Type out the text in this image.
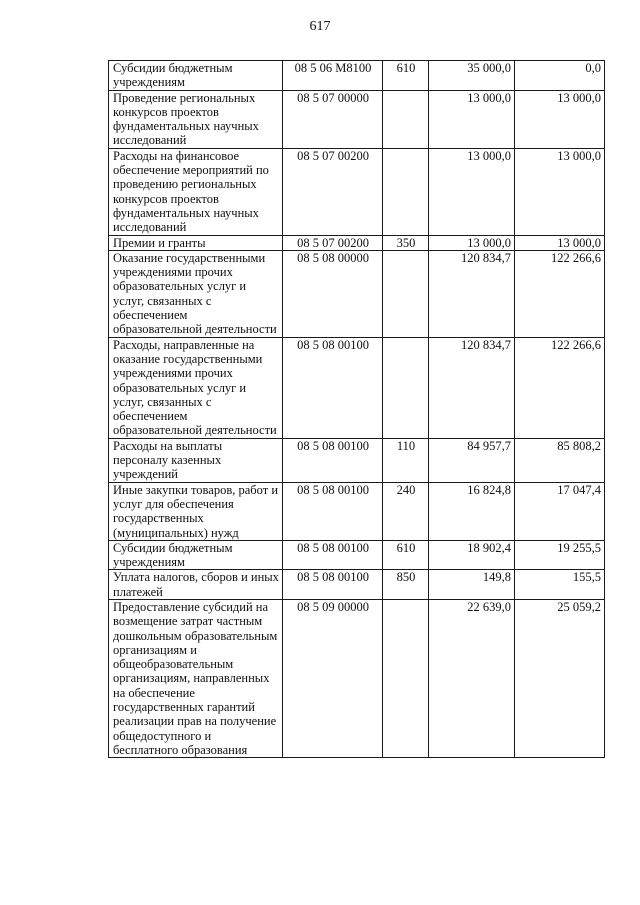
617
Субсидии бюджетным учреждениям	08 5 06 M8100	610	35 000,0	0,0
Проведение региональных конкурсов проектов фундаментальных научных исследований	08 5 07 00000		13 000,0	13 000,0
Расходы на финансовое обеспечение мероприятий по проведению региональных конкурсов проектов фундаментальных научных исследований	08 5 07 00200		13 000,0	13 000,0
Премии и гранты	08 5 07 00200	350	13 000,0	13 000,0
Оказание государственными учреждениями прочих образовательных услуг и услуг, связанных с обеспечением образовательной деятельности	08 5 08 00000		120 834,7	122 266,6
Расходы, направленные на оказание государственными учреждениями прочих образовательных услуг и услуг, связанных с обеспечением образовательной деятельности	08 5 08 00100		120 834,7	122 266,6
Расходы на выплаты персоналу казенных учреждений	08 5 08 00100	110	84 957,7	85 808,2
Иные закупки товаров, работ и услуг для обеспечения государственных (муниципальных) нужд	08 5 08 00100	240	16 824,8	17 047,4
Субсидии бюджетным учреждениям	08 5 08 00100	610	18 902,4	19 255,5
Уплата налогов, сборов и иных платежей	08 5 08 00100	850	149,8	155,5
Предоставление субсидий на возмещение затрат частным дошкольным образовательным организациям и общеобразовательным организациям, направленных на обеспечение государственных гарантий реализации прав на получение общедоступного и бесплатного образования	08 5 09 00000		22 639,0	25 059,2
